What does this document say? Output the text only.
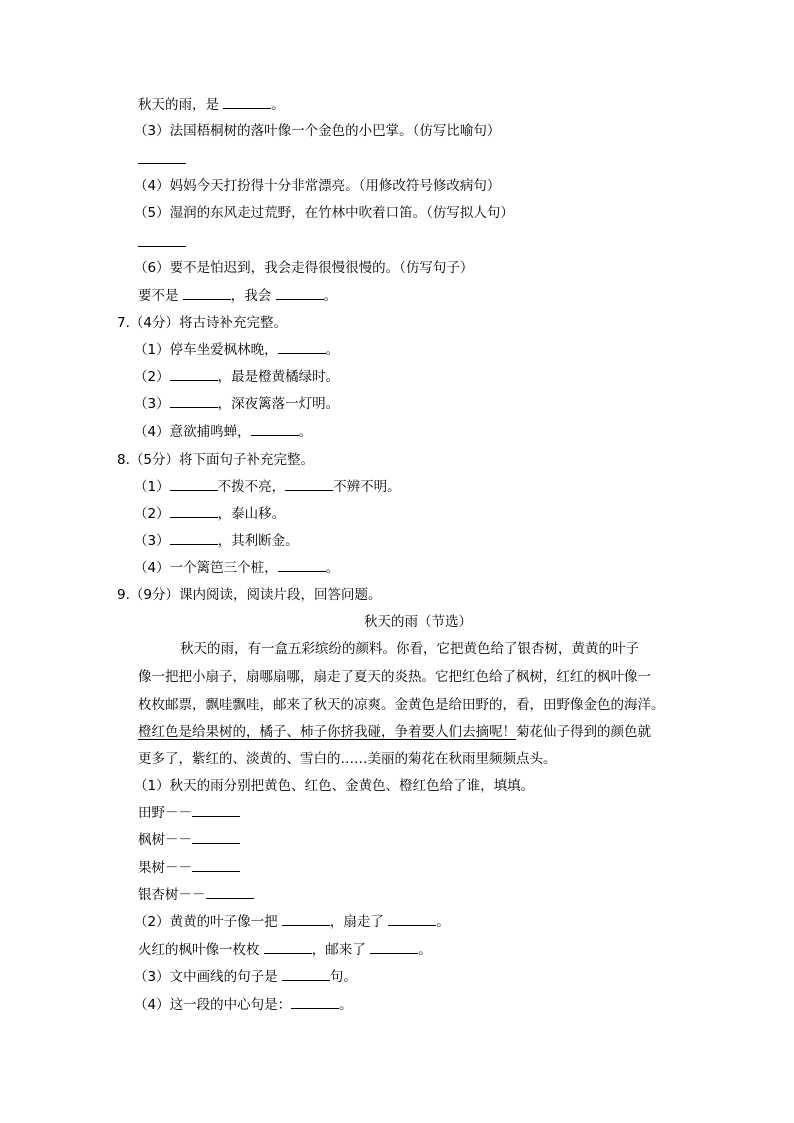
秋天的雨，是	。
（3）法国梧桐树的落叶像一个金色的小巴掌。（仿写比喻句）
（4）妈妈今天打扮得十分非常漂亮。（用修改符号修改病句）
（5）湿润的东风走过荒野，在竹林中吹着口笛。（仿写拟人句）
（6）要不是怕迟到，我会走得很慢很慢的。（仿写句子）
要不是	，我会	。
7.（4分）将古诗补充完整。
（1）停车坐爱枫林晚，	。
（2）	，最是橙黄橘绿时。
（3）	，深夜篱落一灯明。
（4）意欲捕鸣蝉，	。
8.（5分）将下面句子补充完整。
（1）	不拨不亮，	不辨不明。
（2）	，泰山移。
（3）	，其利断金。
（4）一个篱笆三个桩，	。
9.（9分）课内阅读，阅读片段，回答问题。
秋天的雨（节选）
秋天的雨，有一盒五彩缤纷的颜料。你看，它把黄色给了银杏树，黄黄的叶子
像一把把小扇子，扇哪扇哪，扇走了夏天的炎热。它把红色给了枫树，红红的枫叶像一
枚枚邮票，飘哇飘哇，邮来了秋天的凉爽。金黄色是给田野的，看，田野像金色的海洋。
橙红色是给果树的，橘子、柿子你挤我碰，争着要人们去摘呢！菊花仙子得到的颜色就
更多了，紫红的、淡黄的、雪白的……美丽的菊花在秋雨里频频点头。
（1）秋天的雨分别把黄色、红色、金黄色、橙红色给了谁，填填。
田野－－
枫树－－
果树－－
银杏树－－
（2）黄黄的叶子像一把	，扇走了	。
火红的枫叶像一枚枚	，邮来了	。
（3）文中画线的句子是	句。
（4）这一段的中心句是：	。
